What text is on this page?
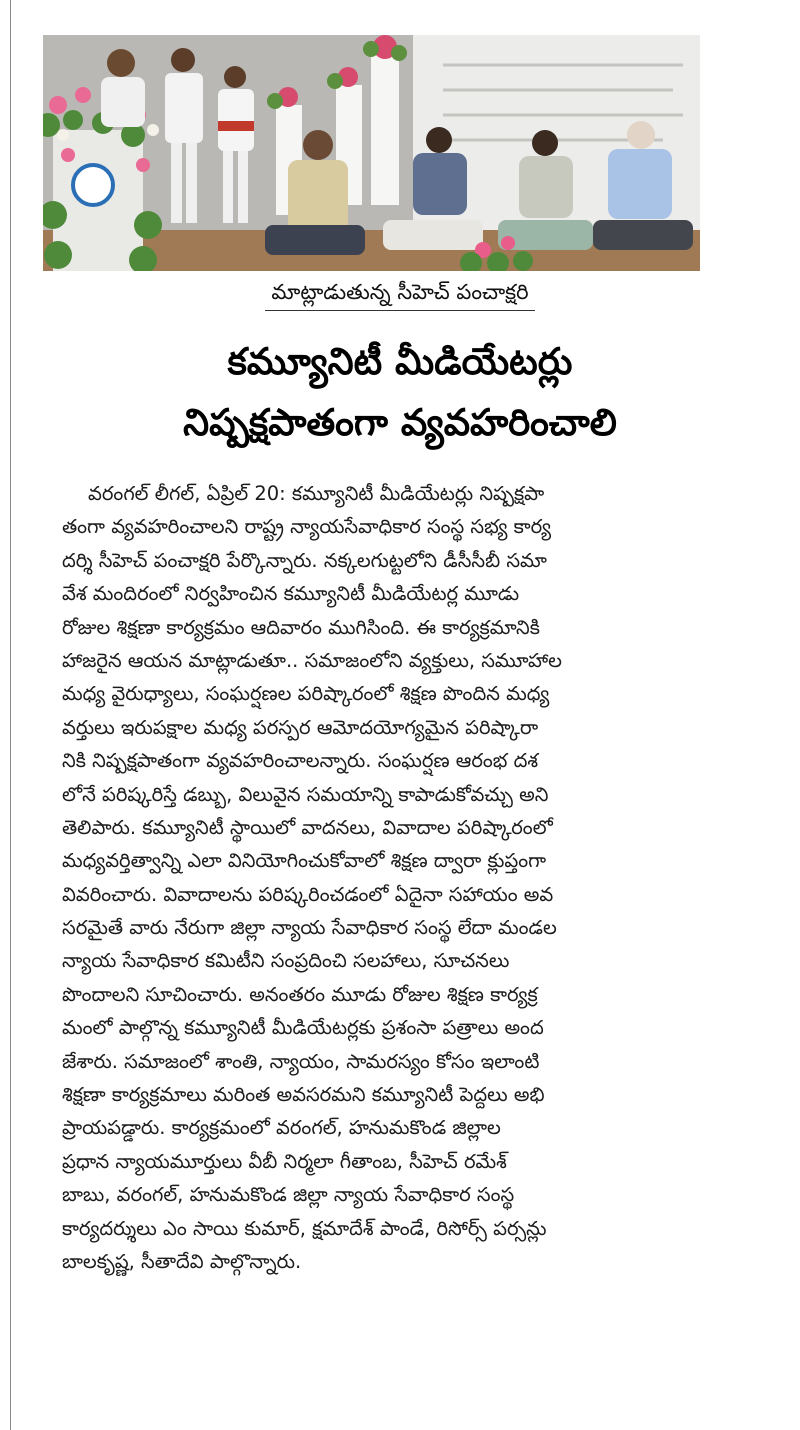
మాట్లాడుతున్న సీహెచ్ పంచాక్షరి
కమ్యూనిటీ మీడియేటర్లు
నిష్పక్షపాతంగా వ్యవహరించాలి
వరంగల్ లీగల్, ఏప్రిల్ 20: కమ్యూనిటీ మీడియేటర్లు నిష్పక్షపా
తంగా వ్యవహరించాలని రాష్ట్ర న్యాయసేవాధికార సంస్థ సభ్య కార్య
దర్శి సీహెచ్ పంచాక్షరి పేర్కొన్నారు. నక్కలగుట్టలోని డీసీసీబీ సమా
వేశ మందిరంలో నిర్వహించిన కమ్యూనిటీ మీడియేటర్ల మూడు
రోజుల శిక్షణా కార్యక్రమం ఆదివారం ముగిసింది. ఈ కార్యక్రమానికి
హాజరైన ఆయన మాట్లాడుతూ.. సమాజంలోని వ్యక్తులు, సమూహాల
మధ్య వైరుధ్యాలు, సంఘర్షణల పరిష్కారంలో శిక్షణ పొందిన మధ్య
వర్తులు ఇరుపక్షాల మధ్య పరస్పర ఆమోదయోగ్యమైన పరిష్కారా
నికి నిష్పక్షపాతంగా వ్యవహరించాలన్నారు. సంఘర్షణ ఆరంభ దశ
లోనే పరిష్కరిస్తే డబ్బు, విలువైన సమయాన్ని కాపాడుకోవచ్చు అని
తెలిపారు. కమ్యూనిటీ స్థాయిలో వాదనలు, వివాదాల పరిష్కారంలో
మధ్యవర్తిత్వాన్ని ఎలా వినియోగించుకోవాలో శిక్షణ ద్వారా క్లుప్తంగా
వివరించారు. వివాదాలను పరిష్కరించడంలో ఏదైనా సహాయం అవ
సరమైతే వారు నేరుగా జిల్లా న్యాయ సేవాధికార సంస్థ లేదా మండల
న్యాయ సేవాధికార కమిటీని సంప్రదించి సలహాలు, సూచనలు
పొందాలని సూచించారు. అనంతరం మూడు రోజుల శిక్షణ కార్యక్ర
మంలో పాల్గొన్న కమ్యూనిటీ మీడియేటర్లకు ప్రశంసా పత్రాలు అంద
జేశారు. సమాజంలో శాంతి, న్యాయం, సామరస్యం కోసం ఇలాంటి
శిక్షణా కార్యక్రమాలు మరింత అవసరమని కమ్యూనిటీ పెద్దలు అభి
ప్రాయపడ్డారు. కార్యక్రమంలో వరంగల్, హనుమకొండ జిల్లాల
ప్రధాన న్యాయమూర్తులు వీబీ నిర్మలా గీతాంబ, సీహెచ్ రమేశ్
బాబు, వరంగల్, హనుమకొండ జిల్లా న్యాయ సేవాధికార సంస్థ
కార్యదర్శులు ఎం సాయి కుమార్, క్షమాదేశ్ పాండే, రిసోర్స్ పర్సన్లు
బాలకృష్ణ, సీతాదేవి పాల్గొన్నారు.
